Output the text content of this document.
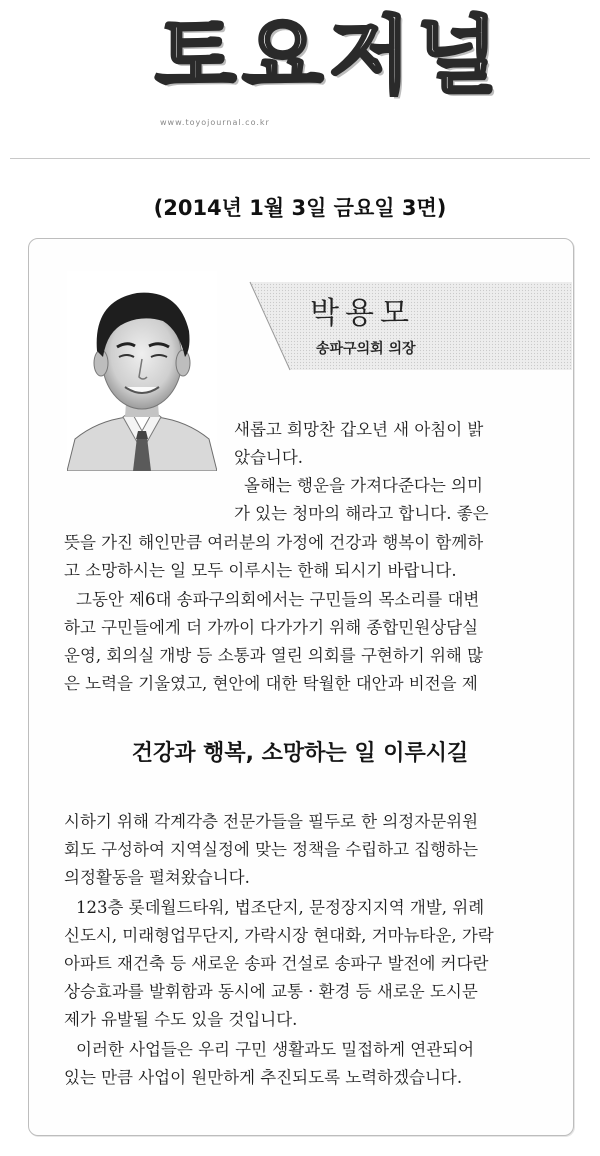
토요저널
www.toyojournal.co.kr
(2014년 1월 3일 금요일 3면)
박용모
송파구의회 의장
새롭고 희망찬 갑오년 새 아침이 밝
았습니다.
올해는 행운을 가져다준다는 의미
가 있는 청마의 해라고 합니다. 좋은
뜻을 가진 해인만큼 여러분의 가정에 건강과 행복이 함께하
고 소망하시는 일 모두 이루시는 한해 되시기 바랍니다.
그동안 제6대 송파구의회에서는 구민들의 목소리를 대변
하고 구민들에게 더 가까이 다가가기 위해 종합민원상담실
운영, 회의실 개방 등 소통과 열린 의회를 구현하기 위해 많
은 노력을 기울였고, 현안에 대한 탁월한 대안과 비전을 제
건강과 행복, 소망하는 일 이루시길
시하기 위해 각계각층 전문가들을 필두로 한 의정자문위원
회도 구성하여 지역실정에 맞는 정책을 수립하고 집행하는
의정활동을 펼쳐왔습니다.
123층 롯데월드타워, 법조단지, 문정장지지역 개발, 위례
신도시, 미래형업무단지, 가락시장 현대화, 거마뉴타운, 가락
아파트 재건축 등 새로운 송파 건설로 송파구 발전에 커다란
상승효과를 발휘함과 동시에 교통 · 환경 등 새로운 도시문
제가 유발될 수도 있을 것입니다.
이러한 사업들은 우리 구민 생활과도 밀접하게 연관되어
있는 만큼 사업이 원만하게 추진되도록 노력하겠습니다.
